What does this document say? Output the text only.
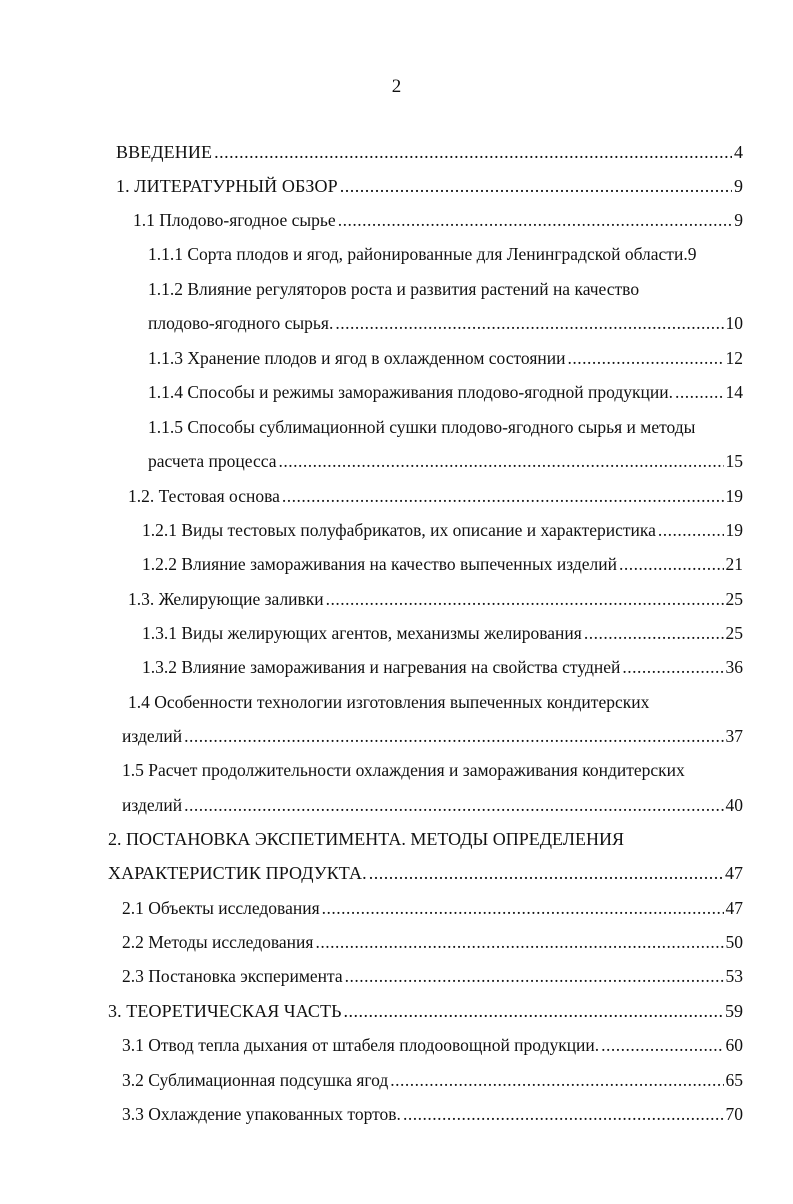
2
ВВЕДЕНИЕ .....	4
1. ЛИТЕРАТУРНЫЙ ОБЗОР .....	9
1.1 Плодово-ягодное сырье .....	9
1.1.1 Сорта плодов и ягод, районированные для Ленинградской области. 9
1.1.2 Влияние регуляторов роста и развития растений на качество
плодово-ягодного сырья. .....	10
1.1.3 Хранение плодов и ягод в охлажденном состоянии .....	12
1.1.4 Способы и режимы замораживания плодово-ягодной продукции. .....	14
1.1.5 Способы сублимационной сушки плодово-ягодного сырья и методы
расчета процесса .....	15
1.2. Тестовая основа .....	19
1.2.1 Виды тестовых полуфабрикатов, их описание и характеристика .....	19
1.2.2 Влияние замораживания на качество выпеченных изделий .....	21
1.3. Желирующие заливки .....	25
1.3.1 Виды желирующих агентов, механизмы желирования .....	25
1.3.2 Влияние замораживания и нагревания на свойства студней .....	36
1.4 Особенности технологии изготовления выпеченных кондитерских
изделий .....	37
1.5 Расчет продолжительности охлаждения и замораживания кондитерских
изделий .....	40
2. ПОСТАНОВКА ЭКСПЕТИМЕНТА. МЕТОДЫ ОПРЕДЕЛЕНИЯ
ХАРАКТЕРИСТИК ПРОДУКТА. .....	47
2.1 Объекты исследования .....	47
2.2 Методы исследования .....	50
2.3 Постановка эксперимента .....	53
3. ТЕОРЕТИЧЕСКАЯ ЧАСТЬ .....	59
3.1 Отвод тепла дыхания от штабеля плодоовощной продукции. .....	60
3.2 Сублимационная подсушка ягод .....	65
3.3 Охлаждение упакованных тортов. .....	70
